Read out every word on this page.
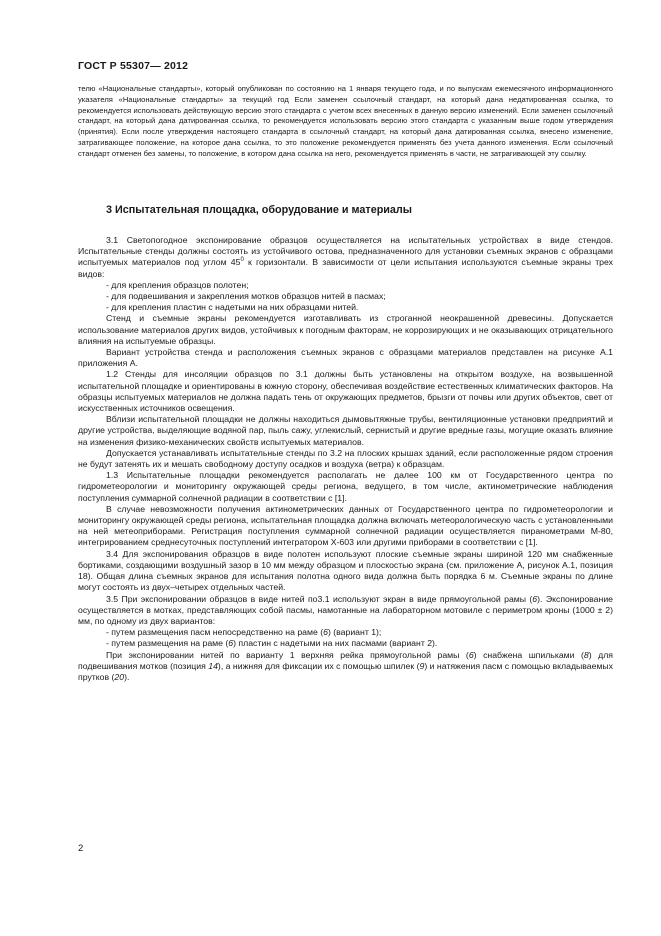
ГОСТ Р 55307— 2012

телю «Национальные стандарты», который опубликован по состоянию на 1 января текущего года, и по выпускам ежемесячного информационного указателя «Национальные стандарты» за текущий год Если заменен ссылочный стандарт, на который дана недатированная ссылка, то рекомендуется использовать действующую версию этого стандарта с учетом всех внесенных в данную версию изменений. Если заменен ссылочный стандарт, на который дана датированная ссылка, то рекомендуется использовать версию этого стандарта с указанным выше годом утверждения (принятия). Если после утверждения настоящего стандарта в ссылочный стандарт, на который дана датированная ссылка, внесено изменение, затрагивающее положение, на которое дана ссылка, то это положение рекомендуется применять без учета данного изменения. Если ссылочный стандарт отменен без замены, то положение, в котором дана ссылка на него, рекомендуется применять в части, не затрагивающей эту ссылку.

3 Испытательная площадка, оборудование и материалы

3.1 Светопогодное экспонирование образцов осуществляется на испытательных устройствах в виде стендов. Испытательные стенды должны состоять из устойчивого остова, предназначенного для установки съемных экранов с образцами испытуемых материалов под углом $45^0$ к горизонтали. В зависимости от цели испытания используются съемные экраны трех видов:

- для крепления образцов полотен;

- для подвешивания и закрепления мотков образцов нитей в пасмах;

- для крепления пластин с надетыми на них образцами нитей.

Стенд и съемные экраны рекомендуется изготавливать из строганной неокрашенной древесины. Допускается использование материалов других видов, устойчивых к погодным факторам, не коррозирующих и не оказывающих отрицательного влияния на испытуемые образцы.

Вариант устройства стенда и расположения съемных экранов с образцами материалов представлен на рисунке А.1 приложения А.

1.2 Стенды для инсоляции образцов по 3.1 должны быть установлены на открытом воздухе, на возвышенной испытательной площадке и ориентированы в южную сторону, обеспечивая воздействие естественных климатических факторов. На образцы испытуемых материалов не должна падать тень от окружающих предметов, брызги от почвы или других объектов, свет от искусственных источников освещения.

Вблизи испытательной площадки не должны находиться дымовытяжные трубы, вентиляционные установки предприятий и другие устройства, выделяющие водяной пар, пыль сажу, углекислый, сернистый и другие вредные газы, могущие оказать влияние на изменения физико-механических свойств испытуемых материалов.

Допускается устанавливать испытательные стенды по 3.2 на плоских крышах зданий, если расположенные рядом строения не будут затенять их и мешать свободному доступу осадков и воздуха (ветра) к образцам.

1.3 Испытательные площадки рекомендуется располагать не далее 100 км от Государственного центра по гидрометеорологии и мониторингу окружающей среды региона, ведущего, в том числе, актинометрические наблюдения поступления суммарной солнечной радиации в соответствии с [1].

В случае невозможности получения актинометрических данных от Государственного центра по гидрометеорологии и мониторингу окружающей среды региона, испытательная площадка должна включать метеорологическую часть с установленными на ней метеоприборами. Регистрация поступления суммарной солнечной радиации осуществляется пиранометрами М-80, интегрированием среднесуточных поступлений интегратором Х-603 или другими приборами в соответствии с [1].

3.4 Для экспонирования образцов в виде полотен используют плоские съемные экраны шириной 120 мм снабженные бортиками, создающими воздушный зазор в 10 мм между образцом и плоскостью экрана (см. приложение А, рисунок А.1, позиция 18). Общая длина съемных экранов для испытания полотна одного вида должна быть порядка 6 м. Съемные экраны по длине могут состоять из двух–четырех отдельных частей.

3.5 При экспонировании образцов в виде нитей по3.1 используют экран в виде прямоугольной рамы (6). Экспонирование осуществляется в мотках, представляющих собой пасмы, намотанные на лабораторном мотовиле с периметром кроны (1000 ± 2) мм, по одному из двух вариантов:

- путем размещения пасм непосредственно на раме (6) (вариант 1);

- путем размещения на раме (6) пластин с надетыми на них пасмами (вариант 2).

При экспонировании нитей по варианту 1 верхняя рейка прямоугольной рамы (6) снабжена шпильками (8) для подвешивания мотков (позиция 14), а нижняя для фиксации их с помощью шпилек (9) и натяжения пасм с помощью вкладываемых прутков (20).

2
